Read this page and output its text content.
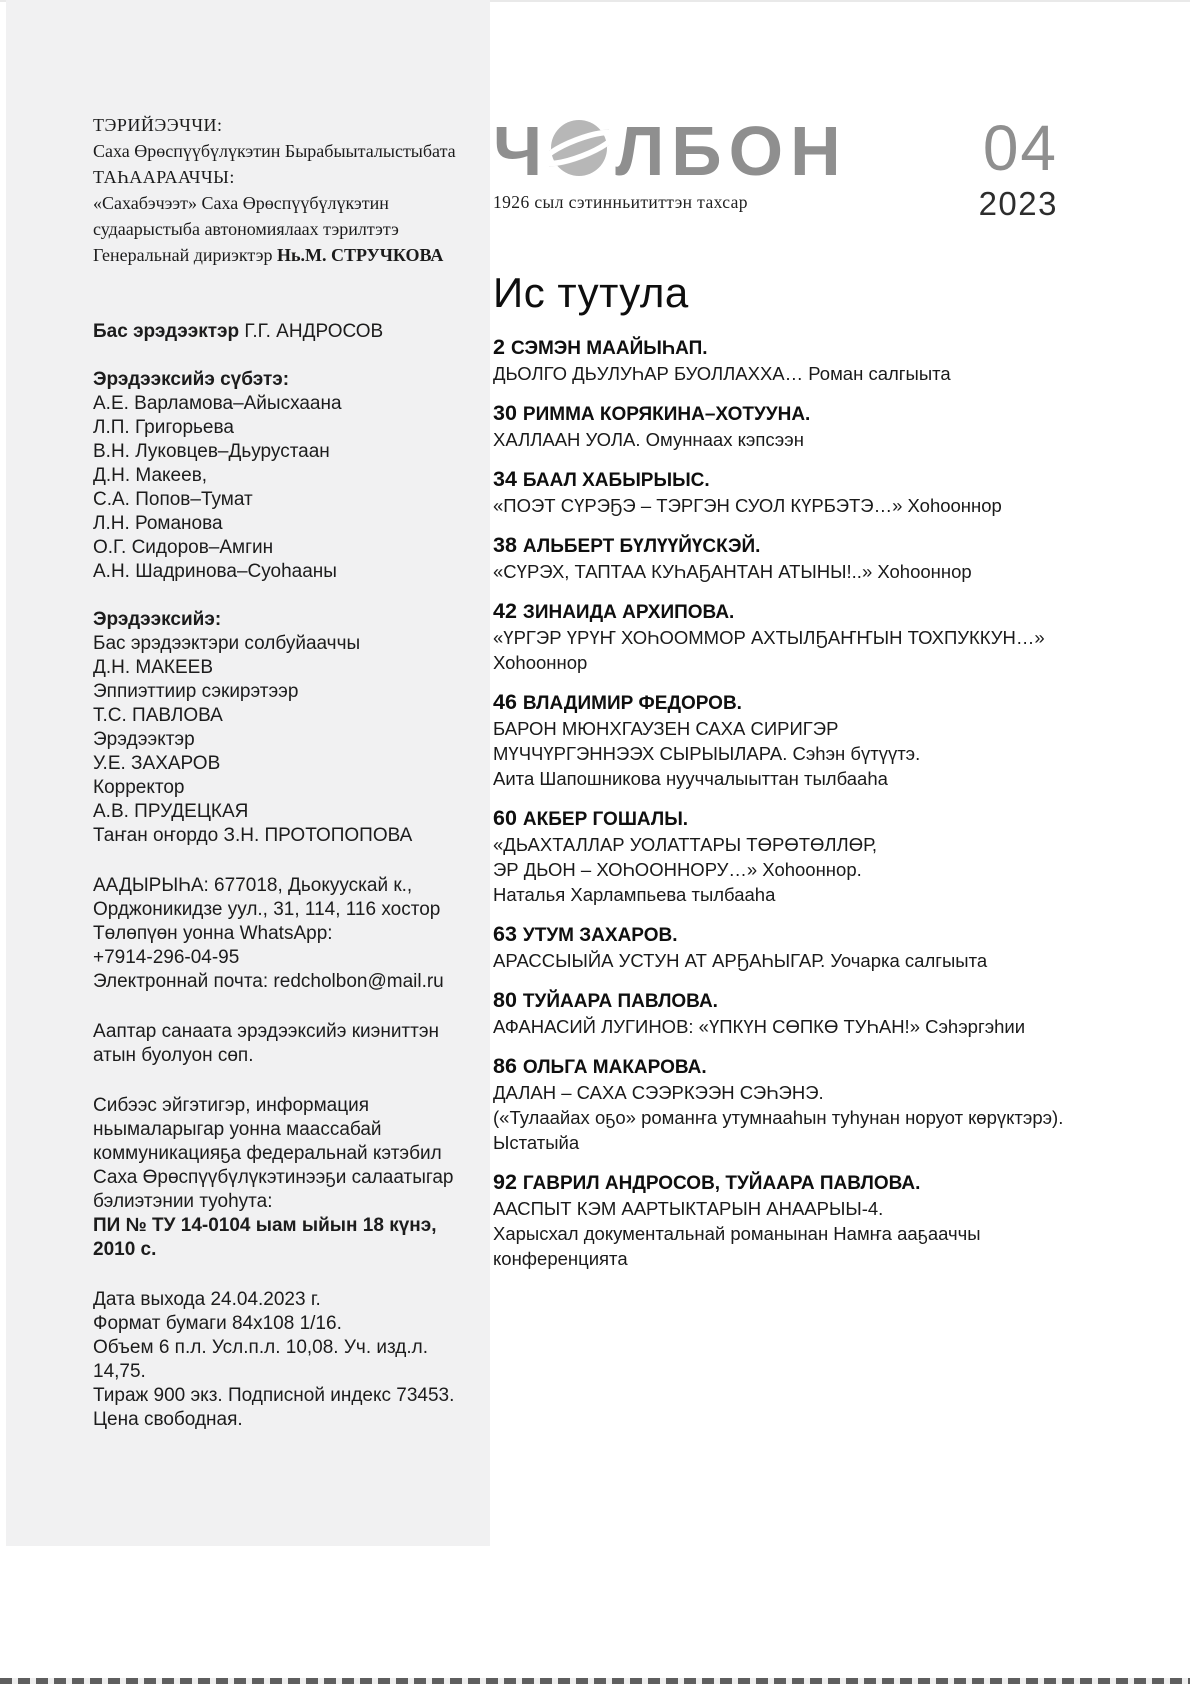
ТЭРИЙЭЭЧЧИ:
Саха Өрөспүүбүлүкэтин Бырабыыталыстыбата
ТАҺААРААЧЧЫ:
«Сахабэчээт» Саха Өрөспүүбүлүкэтин
судаарыстыба автономиялаах тэрилтэтэ
Генеральнай дириэктэр Нь.М. СТРУЧКОВА
Бас эрэдээктэр Г.Г. АНДРОСОВ
Эрэдээксийэ сүбэтэ:
А.Е. Варламова–Айысхаана
Л.П. Григорьева
В.Н. Луковцев–Дьурустаан
Д.Н. Макеев,
С.А. Попов–Тумат
Л.Н. Романова
О.Г. Сидоров–Амгин
А.Н. Шадринова–Суоһааны
Эрэдээксийэ:
Бас эрэдээктэри солбуйааччы
Д.Н. МАКЕЕВ
Эппиэттиир сэкирэтээр
Т.С. ПАВЛОВА
Эрэдээктэр
У.Е. ЗАХАРОВ
Корректор
А.В. ПРУДЕЦКАЯ
Таҥан оҥордо З.Н. ПРОТОПОПОВА
ААДЫРЫҺА: 677018, Дьокуускай к.,
Орджоникидзе уул., 31, 114, 116 хостор
Төлөпүөн уонна WhatsApp:
+7914-296-04-95
Электроннай почта: redcholbon@mail.ru
Ааптар санаата эрэдээксийэ киэниттэн
атын буолуон сөп.
Сибээс эйгэтигэр, информация
ньымаларыгар уонна маассабай
коммуникацияҕа федеральнай кэтэбил
Саха Өрөспүүбүлүкэтинээҕи салаатыгар
бэлиэтэнии туоһута:
ПИ № ТУ 14-0104 ыам ыйын 18 күнэ, 2010 с.
Дата выхода 24.04.2023 г.
Формат бумаги 84х108 1/16.
Объем 6 п.л. Усл.п.л. 10,08. Уч. изд.л. 14,75.
Тираж 900 экз. Подписной индекс 73453.
Цена свободная.
Ч ЛБОН
1926 сыл сэтинньититтэн тахсар
04
2023
Ис тутула
2 СЭМЭН МААЙЫҺАП.
ДЬОЛГО ДЬУЛУҺАР БУОЛЛАХХА… Роман салгыыта
30 РИММА КОРЯКИНА–ХОТУУНА.
ХАЛЛААН УОЛА. Омуннаах кэпсээн
34 БААЛ ХАБЫРЫЫС.
«ПОЭТ СҮРЭҔЭ – ТЭРГЭН СУОЛ КҮРБЭТЭ…» Хоһооннор
38 АЛЬБЕРТ БҮЛҮҮЙҮСКЭЙ.
«СҮРЭХ, ТАПТАА КУҺАҔАНТАН АТЫНЫ!..» Хоһооннор
42 ЗИНАИДА АРХИПОВА.
«ҮРГЭР ҮРҮҤ ХОҺООММОР АХТЫЛҔАҤҤЫН ТОХПУККУН…»
Хоһооннор
46 ВЛАДИМИР ФЕДОРОВ.
БАРОН МЮНХГАУЗЕН САХА СИРИГЭР
МҮЧЧҮРГЭННЭЭХ СЫРЫЫЛАРА. Сэһэн бүтүүтэ.
Аита Шапошникова нууччалыыттан тылбааһа
60 АКБЕР ГОШАЛЫ.
«ДЬАХТАЛЛАР УОЛАТТАРЫ ТӨРӨТӨЛЛӨР,
ЭР ДЬОН – ХОҺООННОРУ…» Хоһооннор.
Наталья Харлампьева тылбааһа
63 УТУМ ЗАХАРОВ.
АРАССЫЫЙА УСТУН АТ АРҔАҺЫГАР. Уочарка салгыыта
80 ТУЙААРА ПАВЛОВА.
АФАНАСИЙ ЛУГИНОВ: «ҮПКҮН СӨПКӨ ТУҺАН!» Сэһэргэһии
86 ОЛЬГА МАКАРОВА.
ДАЛАН – САХА СЭЭРКЭЭН СЭҺЭНЭ.
(«Тулаайах оҕо» романҥа утумнааһын туһунан норуот көрүктэрэ).
Ыстатыйа
92 ГАВРИЛ АНДРОСОВ, ТУЙААРА ПАВЛОВА.
ААСПЫТ КЭМ ААРТЫКТАРЫН АНААРЫЫ-4.
Харысхал документальнай романынан Намҥа ааҕааччы
конференцията
